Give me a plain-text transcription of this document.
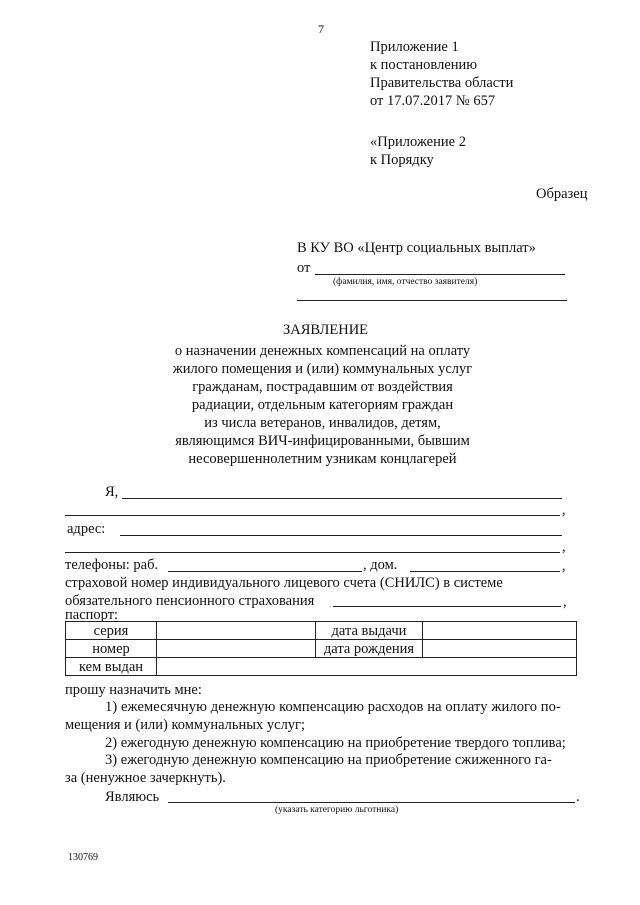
7
Приложение 1
к постановлению
Правительства области
от 17.07.2017 № 657
«Приложение 2
к Порядку
Образец
В КУ ВО «Центр социальных выплат»
от
(фамилия, имя, отчество заявителя)
ЗАЯВЛЕНИЕ
о назначении денежных компенсаций на оплату
жилого помещения и (или) коммунальных услуг
гражданам, пострадавшим от воздействия
радиации, отдельным категориям граждан
из числа ветеранов, инвалидов, детям,
являющимся ВИЧ-инфицированными, бывшим
несовершеннолетним узникам концлагерей
Я,
,
адрес:
,
телефоны: раб.	, дом.	,
страховой номер индивидуального лицевого счета (СНИЛС) в системе
обязательного пенсионного страхования	,
паспорт:
серия		дата выдачи	
номер		дата рождения	
кем выдан			
прошу назначить мне:
1) ежемесячную денежную компенсацию расходов на оплату жилого по-
мещения и (или) коммунальных услуг;
2) ежегодную денежную компенсацию на приобретение твердого топлива;
3) ежегодную денежную компенсацию на приобретение сжиженного га-
за (ненужное зачеркнуть).
Являюсь	.
(указать категорию льготника)
130769
